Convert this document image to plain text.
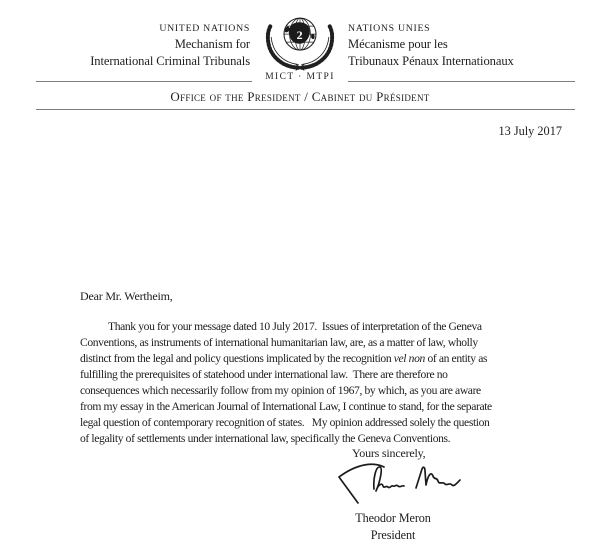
UNITED NATIONS
Mechanism for
International Criminal Tribunals
2	NATIONS UNIES
Mécanisme pour les
Tribunaux Pénaux Internationaux
MICT · MTPI
Office of the President / Cabinet du Président
13 July 2017
Dear Mr. Wertheim,
Thank you for your message dated 10 July 2017.  Issues of interpretation of the Geneva
Conventions, as instruments of international humanitarian law, are, as a matter of law, wholly
distinct from the legal and policy questions implicated by the recognition vel non of an entity as
fulfilling the prerequisites of statehood under international law.  There are therefore no
consequences which necessarily follow from my opinion of 1967, by which, as you are aware
from my essay in the American Journal of International Law, I continue to stand, for the separate
legal question of contemporary recognition of states.   My opinion addressed solely the question
of legality of settlements under international law, specifically the Geneva Conventions.
Yours sincerely,
Theodor Meron
President
